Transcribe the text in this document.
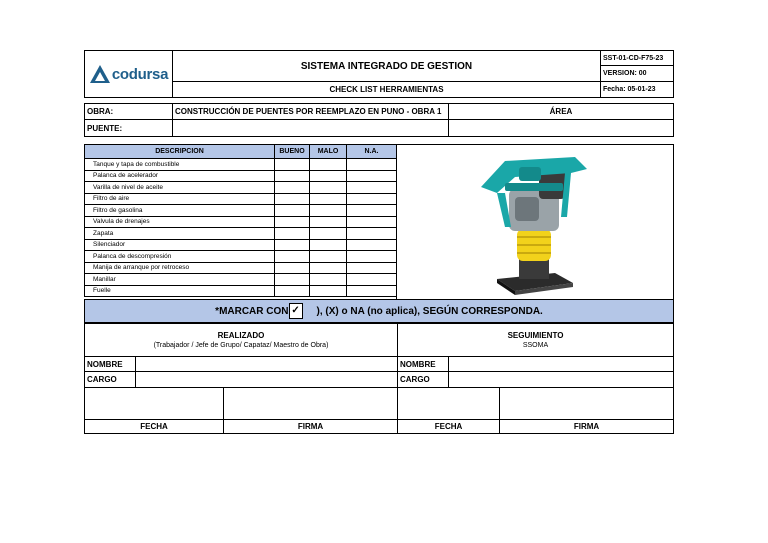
codursa	SISTEMA INTEGRADO DE GESTION
CHECK LIST HERRAMIENTAS
SST-01-CD-F75-23
VERSION: 00
Fecha: 05-01-23
OBRA:	CONSTRUCCIÓN DE PUENTES POR REEMPLAZO EN PUNO - OBRA 1	ÁREA
PUENTE:
DESCRIPCION	BUENO	MALO	N.A.
Tanque y tapa de combustible
Palanca de acelerador
Varilla de nivel de aceite
Filtro de aire
Filtro de gasolina
Valvula de drenajes
Zapata
Silenciador
Palanca de descompresión
Manija de arranque por retroceso
Manillar
Fuelle
*MARCAR CON ✓ ), (X) o NA (no aplica), SEGÚN CORRESPONDA.
REALIZADO
(Trabajador / Jefe de Grupo/ Capataz/ Maestro de Obra)
SEGUIMIENTO
SSOMA
NOMBRE	NOMBRE
CARGO	CARGO
FECHA	FIRMA	FECHA	FIRMA
